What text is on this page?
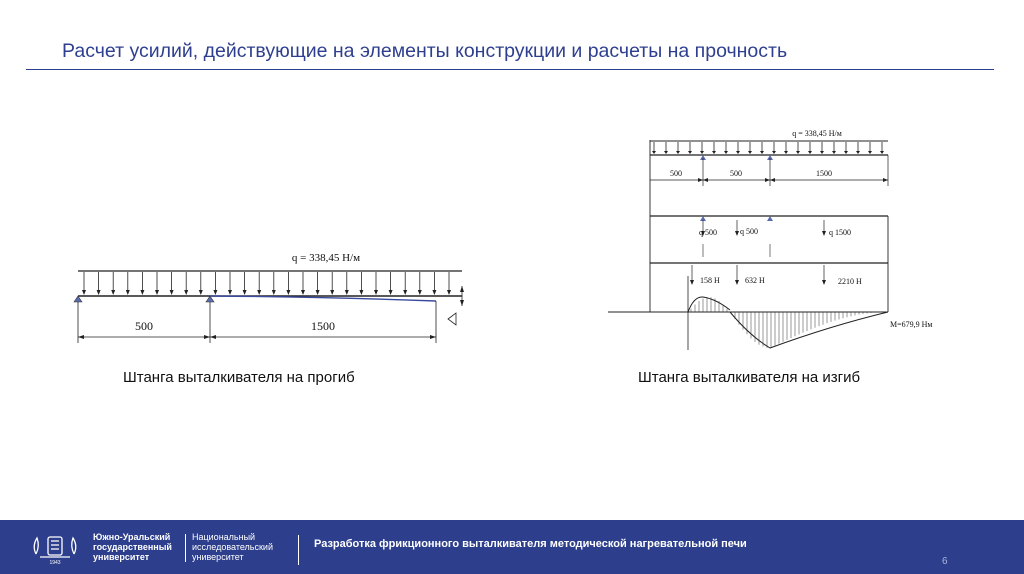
Расчет усилий, действующие на элементы конструкции и расчеты на прочность
q = 338,45 Н/м
500	1500
q = 338,45 Н/м
500	500	1500
q 500	q 500	q 1500
158 Н	632 Н	2210 Н
M=679,9 Нм
Штанга выталкивателя на прогиб	Штанга выталкивателя на изгиб
1943
Южно-Уральский
государственный
университет
Национальный
исследовательский
университет
Разработка фрикционного выталкивателя методической нагревательной печи
6
